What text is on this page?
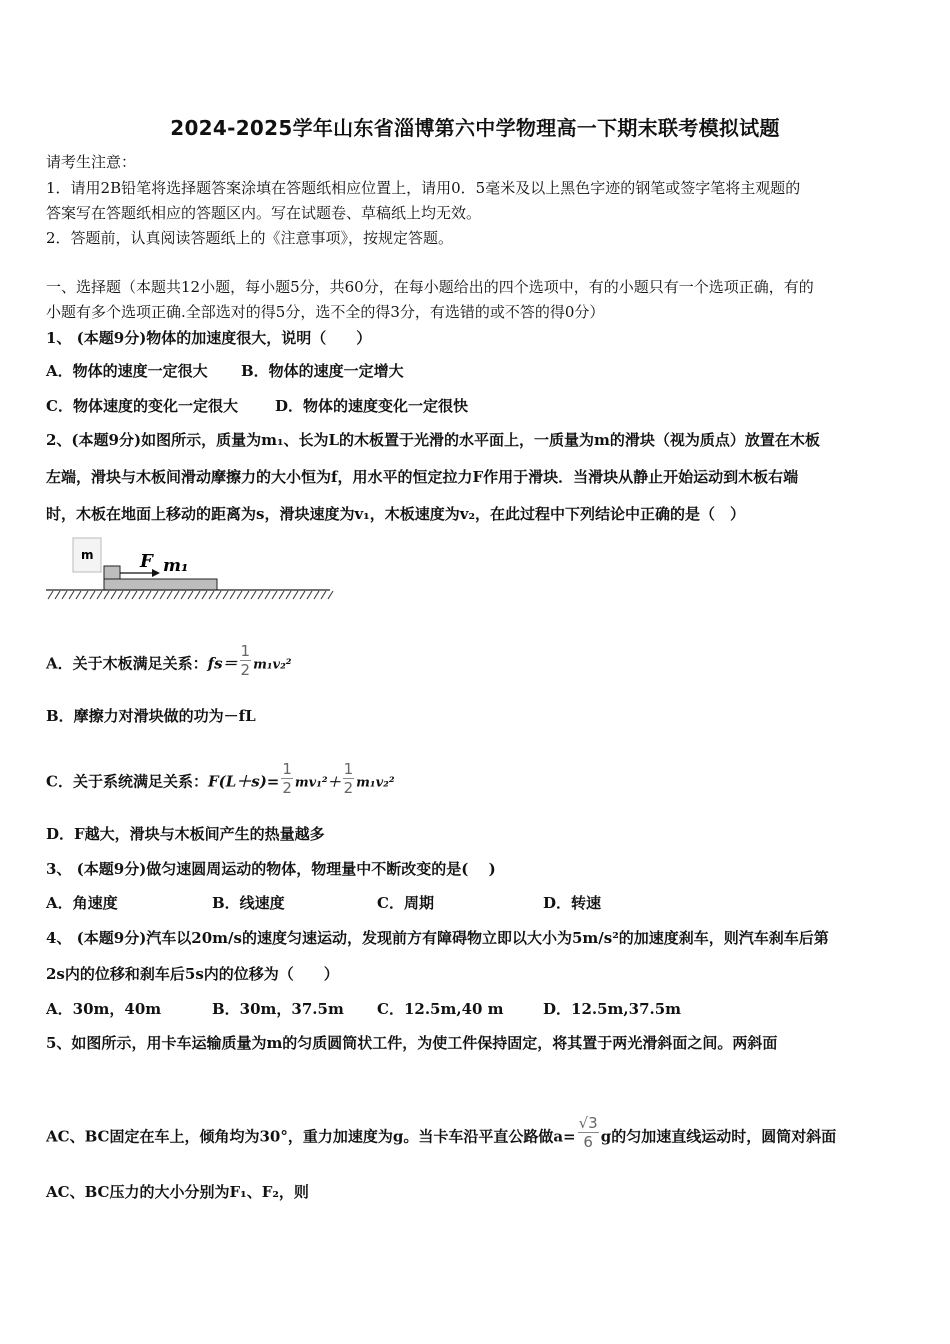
2024-2025学年山东省淄博第六中学物理高一下期末联考模拟试题
请考生注意：
1．请用2B铅笔将选择题答案涂填在答题纸相应位置上，请用0．5毫米及以上黑色字迹的钢笔或签字笔将主观题的
答案写在答题纸相应的答题区内。写在试题卷、草稿纸上均无效。
2．答题前，认真阅读答题纸上的《注意事项》，按规定答题。
一、选择题（本题共12小题，每小题5分，共60分，在每小题给出的四个选项中，有的小题只有一个选项正确，有的
小题有多个选项正确.全部选对的得5分，选不全的得3分，有选错的或不答的得0分）
1、 (本题9分)物体的加速度很大，说明（　　）
A．物体的速度一定很大 B．物体的速度一定增大
C．物体速度的变化一定很大 D．物体的速度变化一定很快
2、(本题9分)如图所示，质量为m₁、长为L的木板置于光滑的水平面上，一质量为m的滑块（视为质点）放置在木板
左端，滑块与木板间滑动摩擦力的大小恒为f，用水平的恒定拉力F作用于滑块．当滑块从静止开始运动到木板右端
时，木板在地面上移动的距离为s，滑块速度为v₁，木板速度为v₂，在此过程中下列结论中正确的是（　）
m	F m₁
A．关于木板满足关系：$fs= \frac{1}{2} m_1v_2^2$
B．摩擦力对滑块做的功为－fL
C．关于系统满足关系：$F(L+s)= \frac{1}{2} mv_1^2+ \frac{1}{2} m_1v_2^2$
D．F越大，滑块与木板间产生的热量越多
3、 (本题9分)做匀速圆周运动的物体，物理量中不断改变的是(　 )
A．角速度	B．线速度	C．周期	D．转速
4、 (本题9分)汽车以20m/s的速度匀速运动，发现前方有障碍物立即以大小为5m/s²的加速度刹车，则汽车刹车后第
2s内的位移和刹车后5s内的位移为（　　）
A．30m，40m	B．30m，37.5m C．12.5m,40 m	D．12.5m,37.5m
5、如图所示，用卡车运输质量为m的匀质圆筒状工件，为使工件保持固定，将其置于两光滑斜面之间。两斜面
AC、BC固定在车上，倾角均为30°，重力加速度为g。当卡车沿平直公路做$a= \frac{√3}{6}$ g的匀加速直线运动时，圆筒对斜面
AC、BC压力的大小分别为F₁、F₂，则
